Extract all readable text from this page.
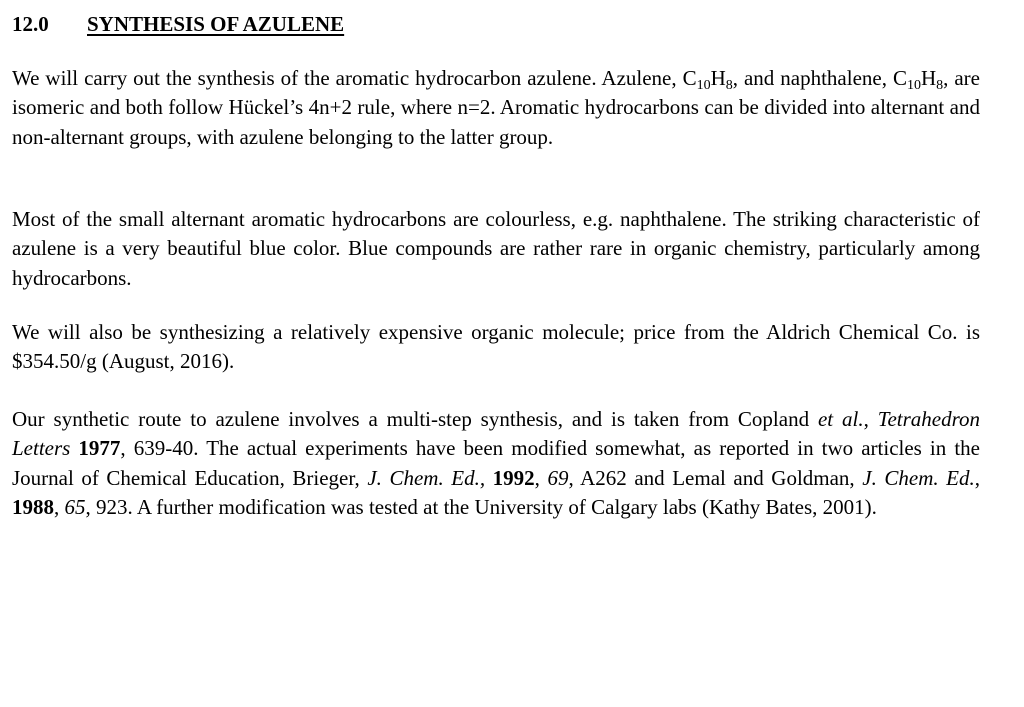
12.0 SYNTHESIS OF AZULENE

We will carry out the synthesis of the aromatic hydrocarbon azulene. Azulene, $C_{10}H_8$, and naphthalene, $C_{10}H_8$, are isomeric and both follow Hückel’s 4n+2 rule, where n=2. Aromatic hydrocarbons can be divided into alternant and non-alternant groups, with azulene belonging to the latter group.

Most of the small alternant aromatic hydrocarbons are colourless, e.g. naphthalene. The striking characteristic of azulene is a very beautiful blue color. Blue compounds are rather rare in organic chemistry, particularly among hydrocarbons.

We will also be synthesizing a relatively expensive organic molecule; price from the Aldrich Chemical Co. is $354.50/g (August, 2016).

Our synthetic route to azulene involves a multi-step synthesis, and is taken from Copland et al., Tetrahedron Letters 1977, 639-40. The actual experiments have been modified somewhat, as reported in two articles in the Journal of Chemical Education, Brieger, J. Chem. Ed., 1992, 69, A262 and Lemal and Goldman, J. Chem. Ed., 1988, 65, 923. A further modification was tested at the University of Calgary labs (Kathy Bates, 2001).
